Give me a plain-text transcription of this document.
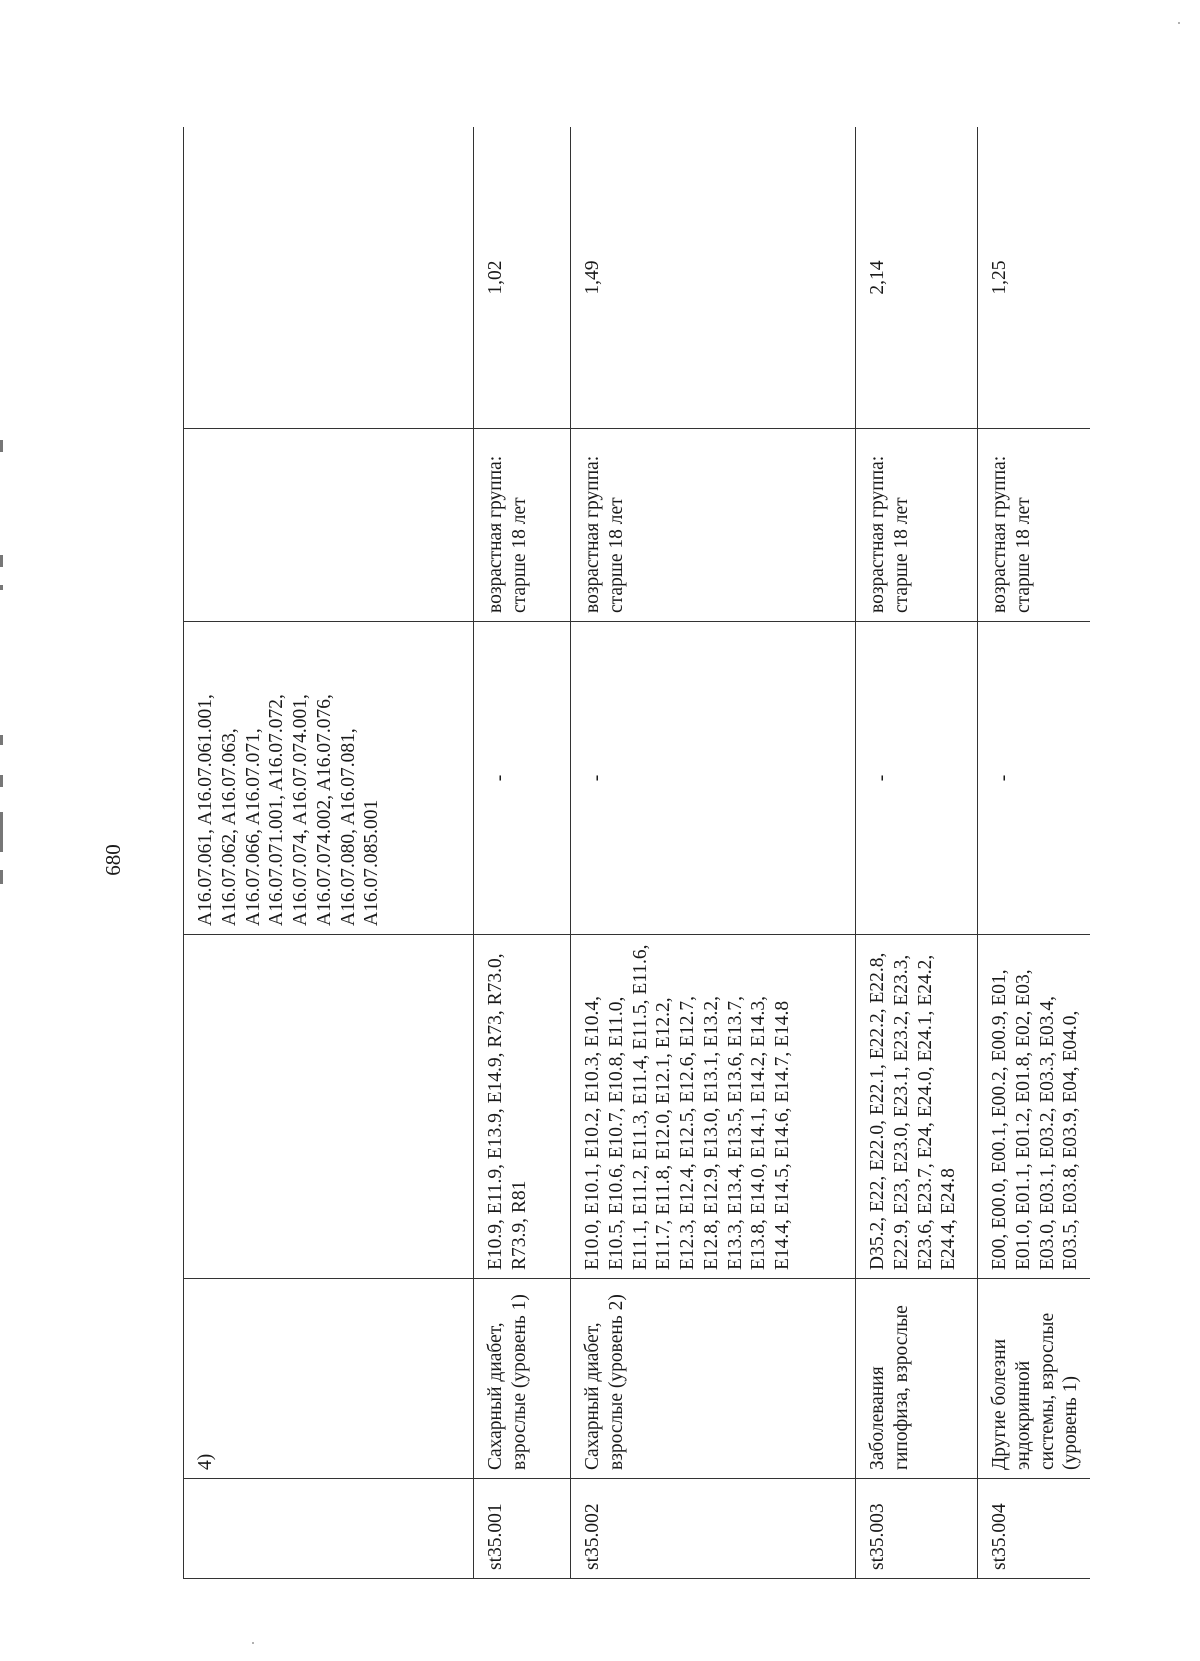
680
	4)		A16.07.061, A16.07.061.001, A16.07.062, A16.07.063, A16.07.066, A16.07.071, A16.07.071.001, A16.07.072, A16.07.074, A16.07.074.001, A16.07.074.002, A16.07.076, A16.07.080, A16.07.081, A16.07.085.001		
st35.001	Сахарный диабет, взрослые (уровень 1)	E10.9, E11.9, E13.9, E14.9, R73, R73.0, R73.9, R81	-	возрастная группа: старше 18 лет	1,02
st35.002	Сахарный диабет, взрослые (уровень 2)	E10.0, E10.1, E10.2, E10.3, E10.4, E10.5, E10.6, E10.7, E10.8, E11.0, E11.1, E11.2, E11.3, E11.4, E11.5, E11.6, E11.7, E11.8, E12.0, E12.1, E12.2, E12.3, E12.4, E12.5, E12.6, E12.7, E12.8, E12.9, E13.0, E13.1, E13.2, E13.3, E13.4, E13.5, E13.6, E13.7, E13.8, E14.0, E14.1, E14.2, E14.3, E14.4, E14.5, E14.6, E14.7, E14.8	-	возрастная группа: старше 18 лет	1,49
st35.003	Заболевания гипофиза, взрослые	D35.2, E22, E22.0, E22.1, E22.2, E22.8, E22.9, E23, E23.0, E23.1, E23.2, E23.3, E23.6, E23.7, E24, E24.0, E24.1, E24.2, E24.4, E24.8	-	возрастная группа: старше 18 лет	2,14
st35.004	Другие болезни эндокринной системы, взрослые (уровень 1)	E00, E00.0, E00.1, E00.2, E00.9, E01, E01.0, E01.1, E01.2, E01.8, E02, E03, E03.0, E03.1, E03.2, E03.3, E03.4, E03.5, E03.8, E03.9, E04, E04.0,	-	возрастная группа: старше 18 лет	1,25
